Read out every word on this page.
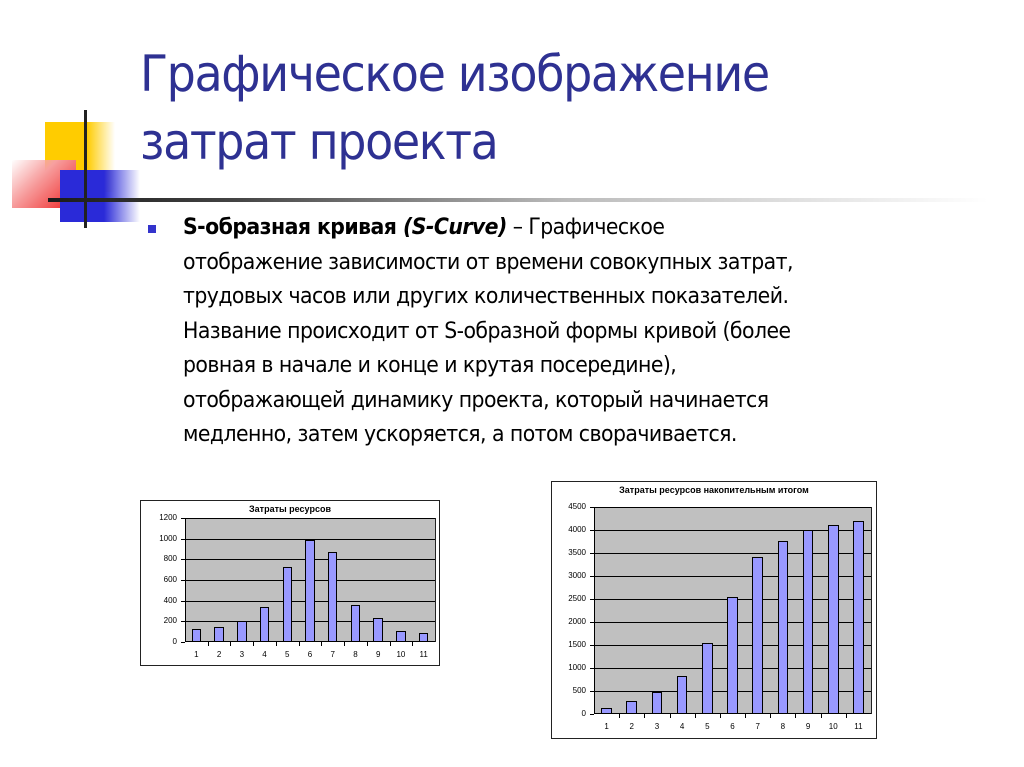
Графическое изображение
затрат проекта
S-образная кривая (S-Curve) – Графическое
отображение зависимости от времени совокупных затрат,
трудовых часов или других количественных показателей.
Название происходит от S-образной формы кривой (более
ровная в начале и конце и крутая посередине),
отображающей динамику проекта, который начинается
медленно, затем ускоряется, а потом сворачивается.
Затраты ресурсов
0
200
400
600
800
1000
1200
1	2	3	4	5	6	7	8	9	10	11
Затраты ресурсов накопительным итогом
0
500
1000
1500
2000
2500
3000
3500
4000
4500
1	2	3	4	5	6	7	8	9	10	11
